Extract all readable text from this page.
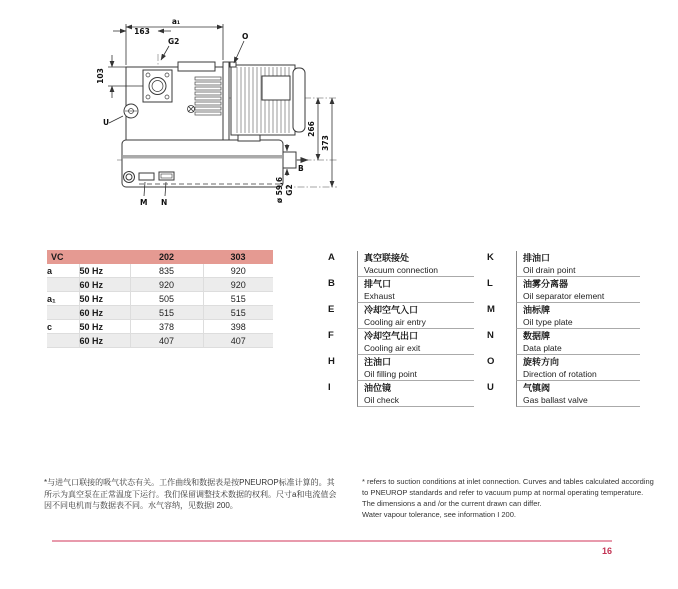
a₁
163
G2
O
103
U	266
373
B
M N	ø 59,6 G2
VC		202	303
a	50 Hz	835	920
	60 Hz	920	920
a₁	50 Hz	505	515
	60 Hz	515	515
c	50 Hz	378	398
	60 Hz	407	407
A	真空联接处
Vacuum connection
B	排气口
Exhaust
E	冷却空气入口
Cooling air entry
F	冷却空气出口
Cooling air exit
H	注油口
Oil filling point
I	油位镜
Oil check
K	排油口
Oil drain point
L	油雾分离器
Oil separator element
M	油标牌
Oil type plate
N	数据牌
Data plate
O	旋转方向
Direction of rotation
U	气镇阀
Gas ballast valve
*与进气口联接的吸气状态有关。工作曲线和数据表是按PNEUROP标准计算的。其
所示为真空泵在正常温度下运行。我们保留调整技术数据的权利。尺寸a和电流值会
因不同电机而与数据表不同。水气容纳，见数据I 200。
* refers to suction conditions at inlet connection. Curves and tables calculated according
to PNEUROP standards and refer to vacuum pump at normal operating temperature.
The dimensions a and /or the current drawn can differ.
Water vapour tolerance, see information I 200.
16
